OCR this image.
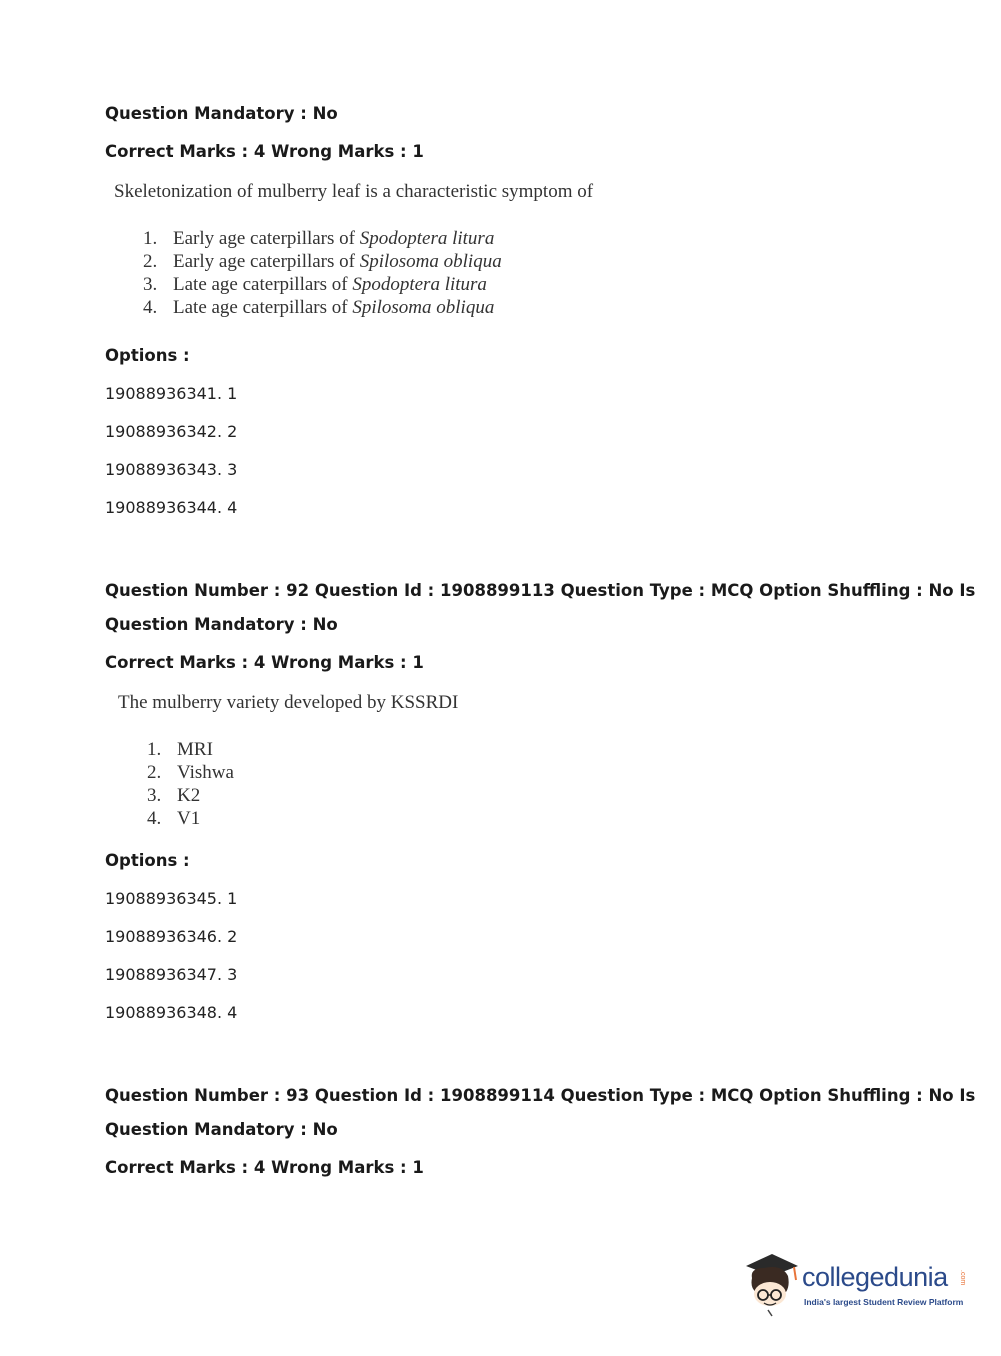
Question Mandatory : No
Correct Marks : 4 Wrong Marks : 1
Skeletonization of mulberry leaf is a characteristic symptom of
1. Early age caterpillars of Spodoptera litura
2. Early age caterpillars of Spilosoma obliqua
3. Late age caterpillars of Spodoptera litura
4. Late age caterpillars of Spilosoma obliqua
Options :
19088936341. 1
19088936342. 2
19088936343. 3
19088936344. 4
Question Number : 92 Question Id : 1908899113 Question Type : MCQ Option Shuffling : No Is
Question Mandatory : No
Correct Marks : 4 Wrong Marks : 1
The mulberry variety developed by KSSRDI
1. MRI
2. Vishwa
3. K2
4. V1
Options :
19088936345. 1
19088936346. 2
19088936347. 3
19088936348. 4
Question Number : 93 Question Id : 1908899114 Question Type : MCQ Option Shuffling : No Is
Question Mandatory : No
Correct Marks : 4 Wrong Marks : 1
collegedunia .com
India's largest Student Review Platform
